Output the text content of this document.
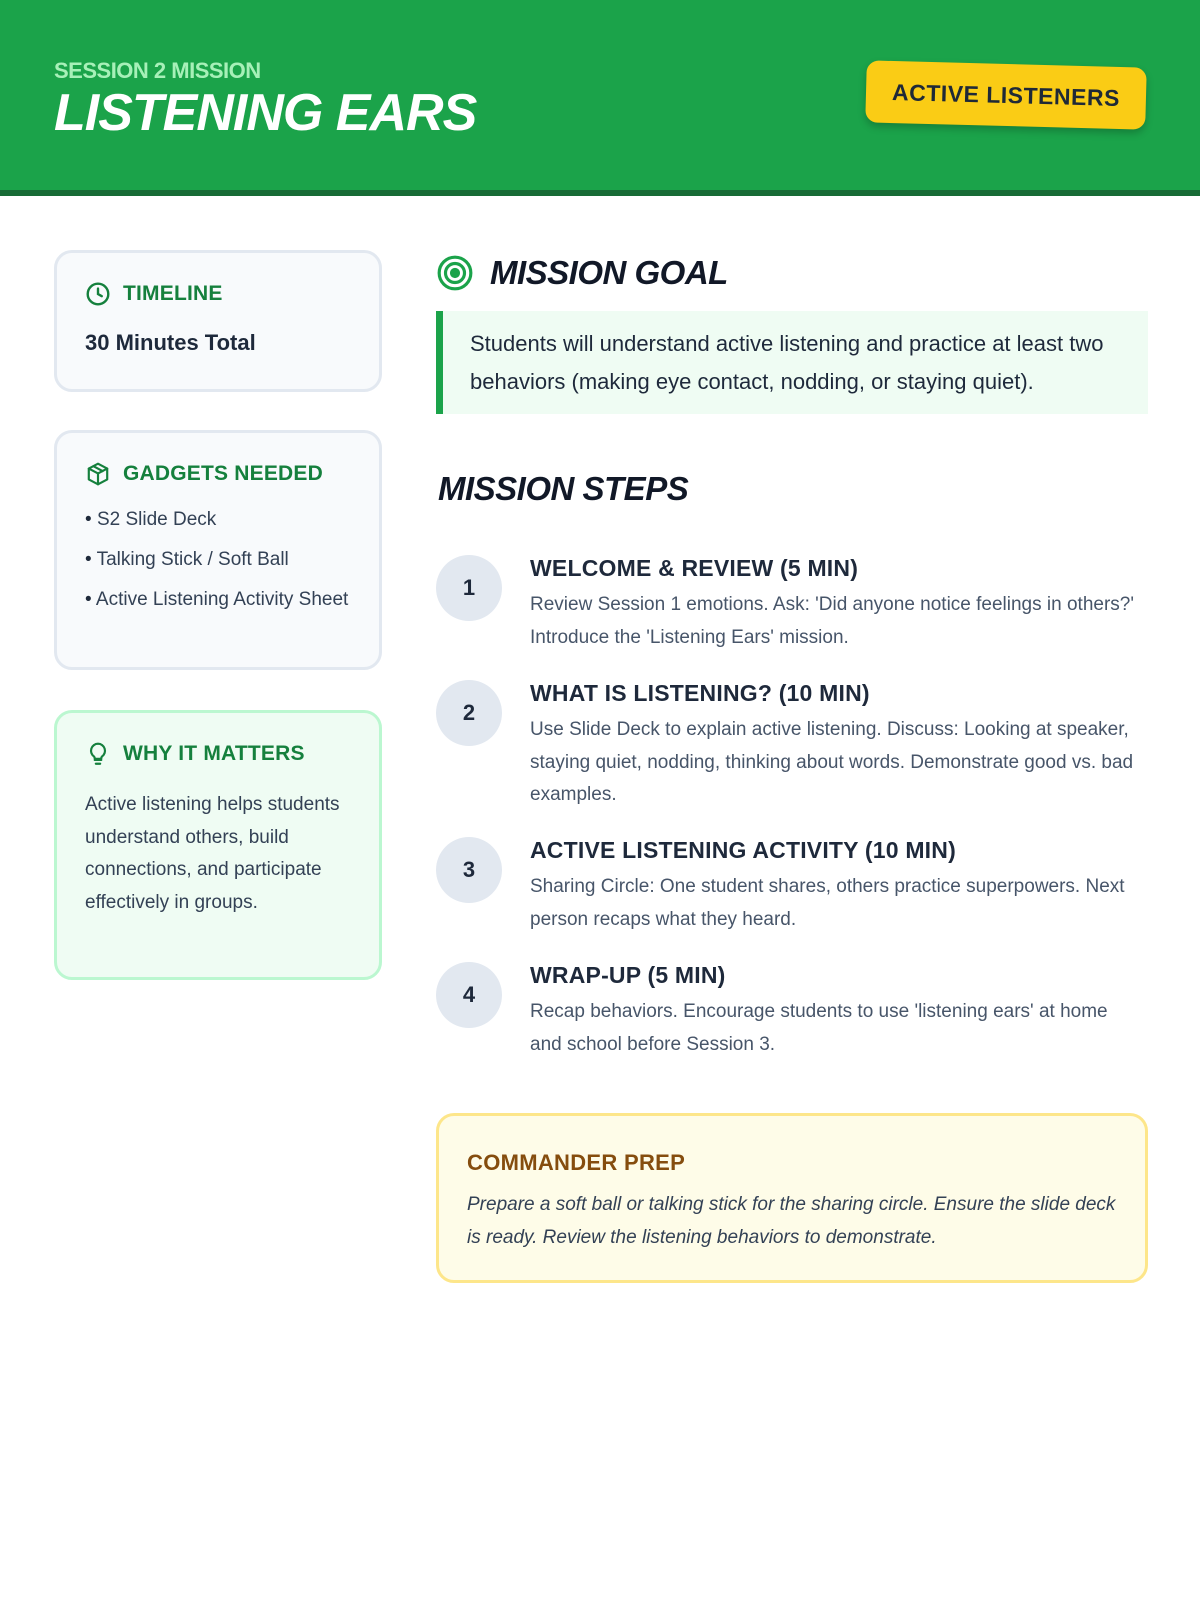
SESSION 2 MISSION
LISTENING EARS	ACTIVE LISTENERS
TIMELINE
30 Minutes Total
GADGETS NEEDED
• S2 Slide Deck
• Talking Stick / Soft Ball
• Active Listening Activity Sheet
WHY IT MATTERS
Active listening helps students understand others, build connections, and participate effectively in groups.
MISSION GOAL
Students will understand active listening and practice at least two behaviors (making eye contact, nodding, or staying quiet).
MISSION STEPS
1
WELCOME & REVIEW (5 MIN)
Review Session 1 emotions. Ask: 'Did anyone notice feelings in others?' Introduce the 'Listening Ears' mission.
2
WHAT IS LISTENING? (10 MIN)
Use Slide Deck to explain active listening. Discuss: Looking at speaker, staying quiet, nodding, thinking about words. Demonstrate good vs. bad examples.
3
ACTIVE LISTENING ACTIVITY (10 MIN)
Sharing Circle: One student shares, others practice superpowers. Next person recaps what they heard.
4
WRAP-UP (5 MIN)
Recap behaviors. Encourage students to use 'listening ears' at home and school before Session 3.
COMMANDER PREP
Prepare a soft ball or talking stick for the sharing circle. Ensure the slide deck is ready. Review the listening behaviors to demonstrate.
